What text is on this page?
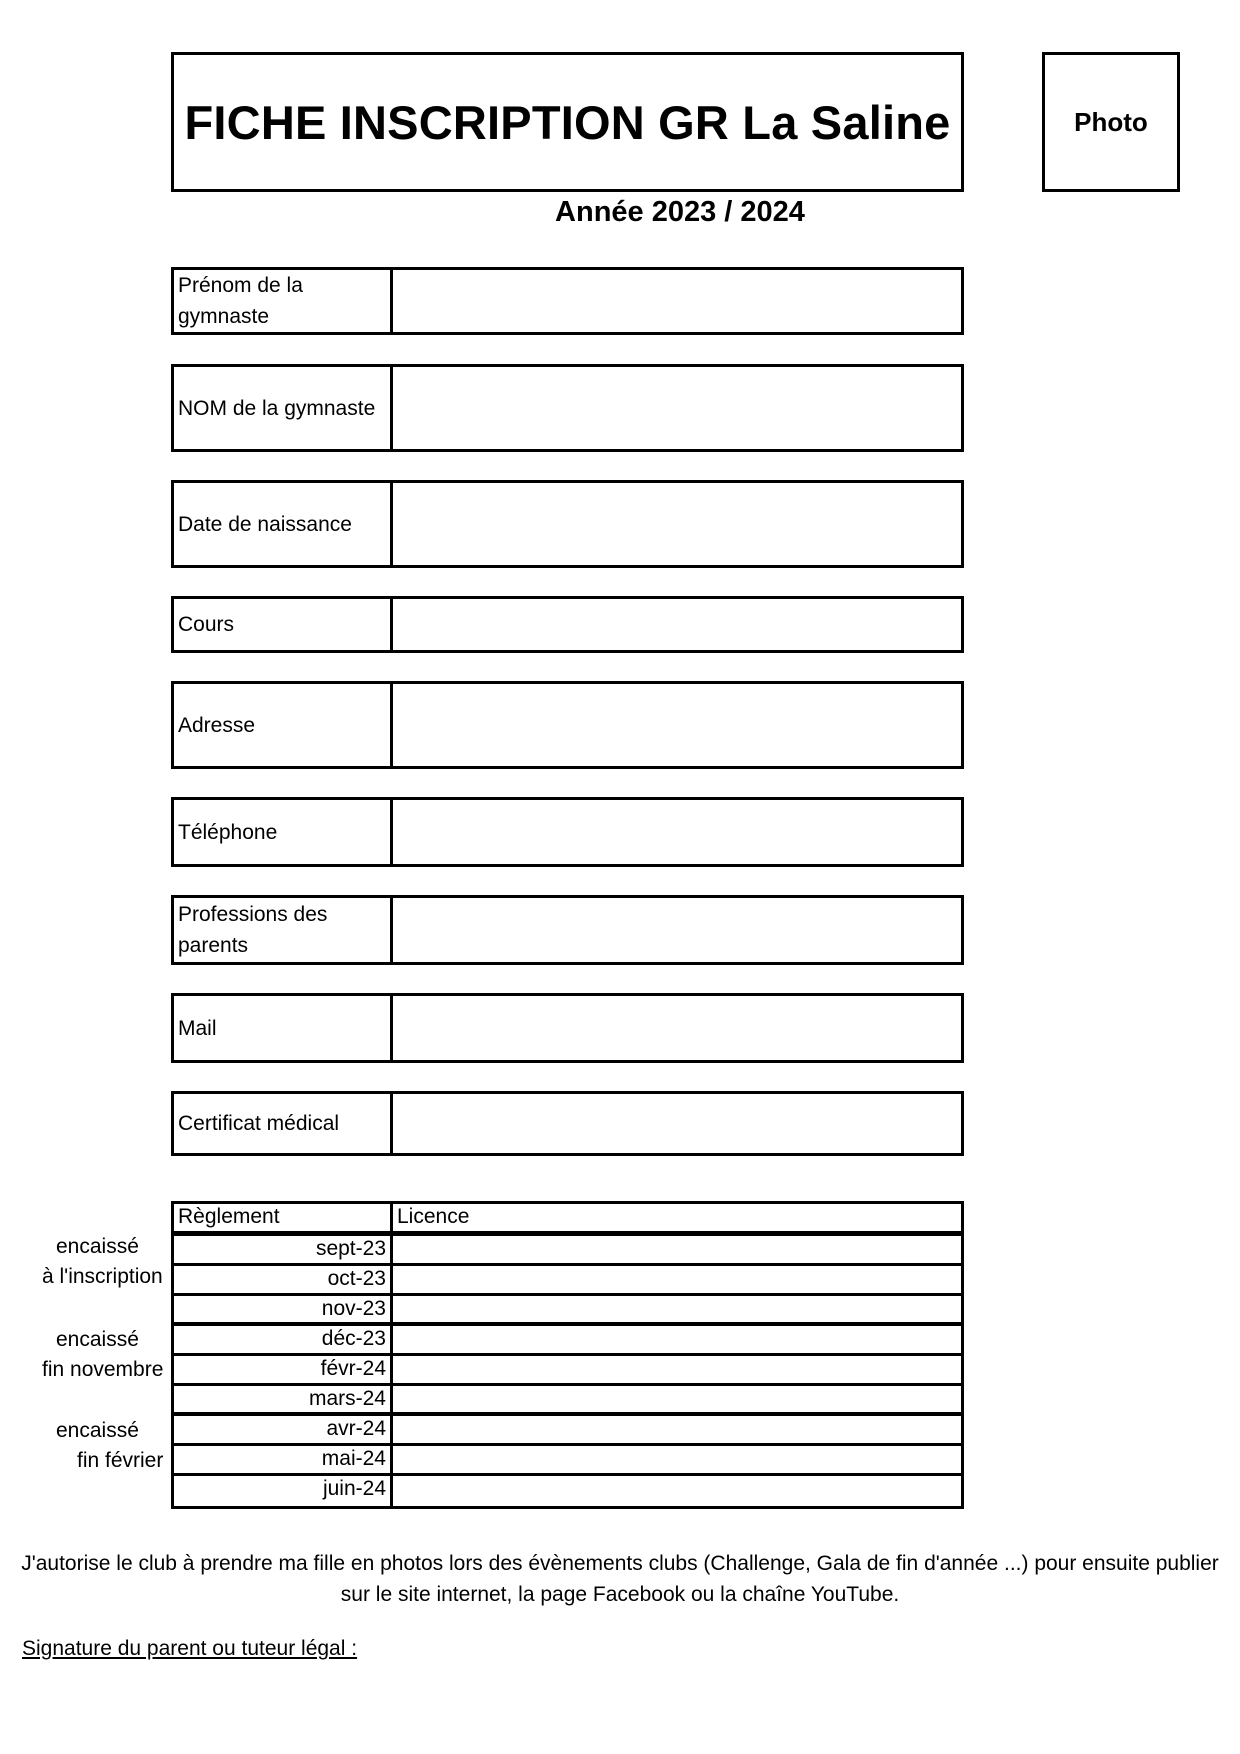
FICHE INSCRIPTION GR La Saline	Photo
Année 2023 / 2024
Prénom de la gymnaste
NOM de la gymnaste
Date de naissance
Cours
Adresse
Téléphone
Professions des parents
Mail
Certificat médical
encaissé
à l'inscription
encaissé
fin novembre
encaissé
fin février
Règlement	Licence
sept-23
oct-23
nov-23
déc-23
févr-24
mars-24
avr-24
mai-24
juin-24
J'autorise le club à prendre ma fille en photos lors des évènements clubs (Challenge, Gala de fin d'année ...) pour ensuite publier sur le site internet, la page Facebook ou la chaîne YouTube.
Signature du parent ou tuteur légal :
